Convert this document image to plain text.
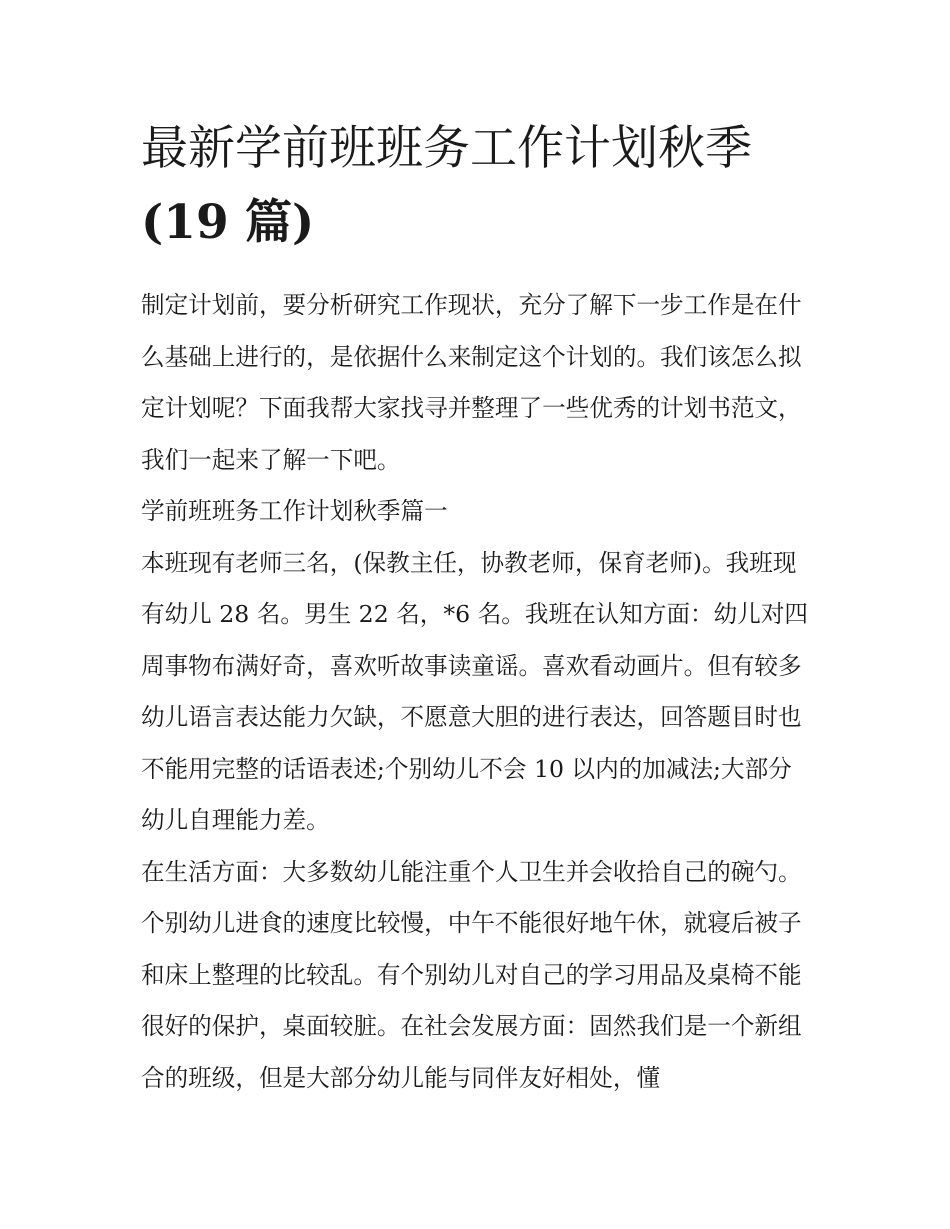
最新学前班班务工作计划秋季
(19 篇)

制定计划前，要分析研究工作现状，充分了解下一步工作是在什么基础上进行的，是依据什么来制定这个计划的。我们该怎么拟定计划呢？下面我帮大家找寻并整理了一些优秀的计划书范文，我们一起来了解一下吧。

学前班班务工作计划秋季篇一

本班现有老师三名，(保教主任，协教老师，保育老师)。我班现有幼儿 28 名。男生 22 名，*6 名。我班在认知方面：幼儿对四周事物布满好奇，喜欢听故事读童谣。喜欢看动画片。但有较多幼儿语言表达能力欠缺，不愿意大胆的进行表达，回答题目时也不能用完整的话语表述;个别幼儿不会 10 以内的加减法;大部分幼儿自理能力差。

在生活方面：大多数幼儿能注重个人卫生并会收拾自己的碗勺。个别幼儿进食的速度比较慢，中午不能很好地午休，就寝后被子和床上整理的比较乱。有个别幼儿对自己的学习用品及桌椅不能很好的保护，桌面较脏。在社会发展方面：固然我们是一个新组合的班级，但是大部分幼儿能与同伴友好相处，懂
